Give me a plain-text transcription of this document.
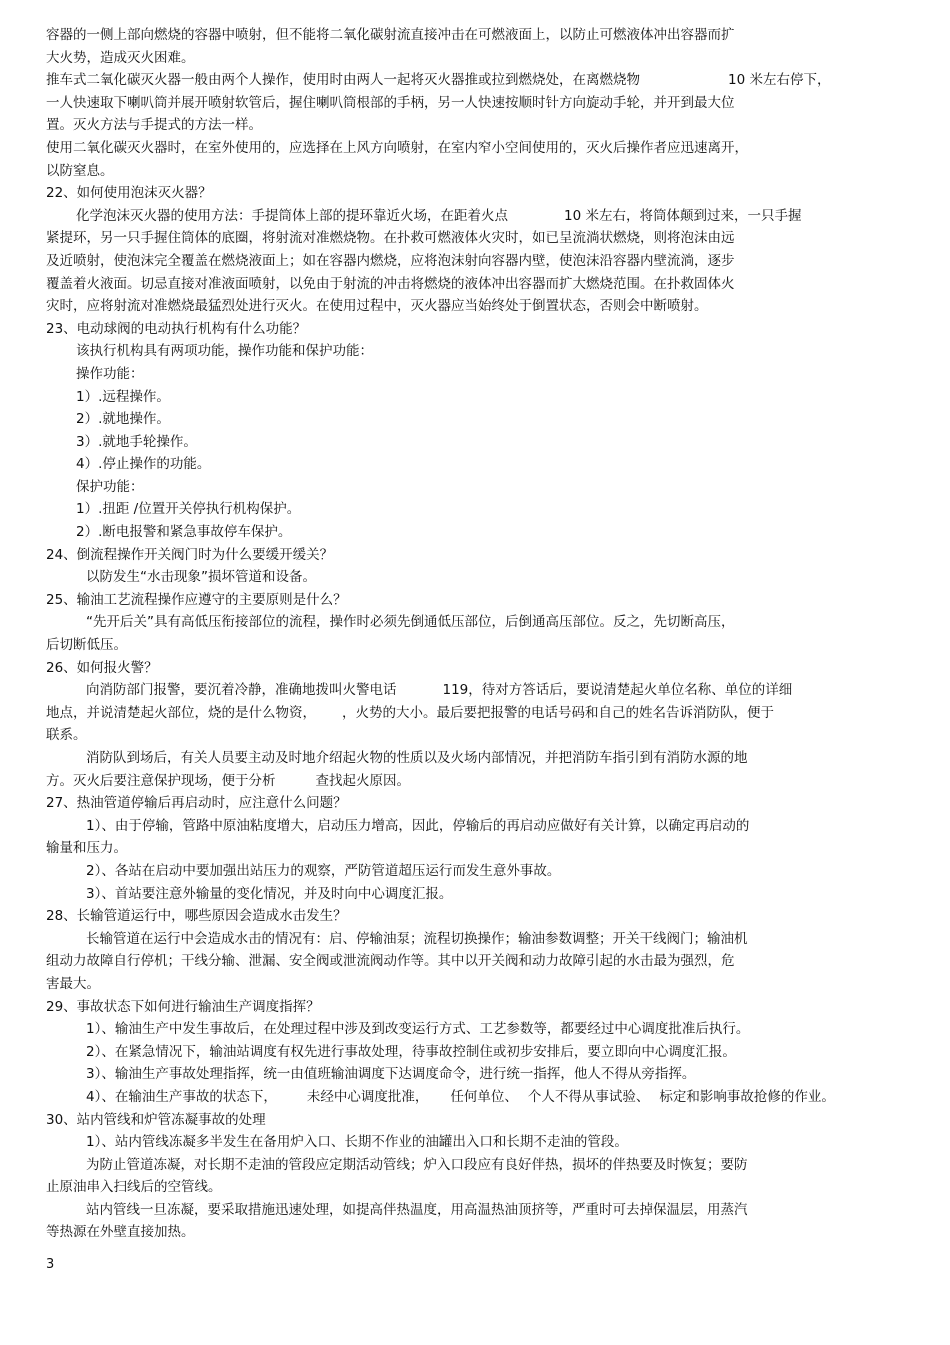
容器的一侧上部向燃烧的容器中喷射，但不能将二氧化碳射流直接冲击在可燃液面上，以防止可燃液体冲出容器而扩
大火势，造成灭火困难。
推车式二氧化碳灭火器一般由两个人操作，使用时由两人一起将灭火器推或拉到燃烧处，在离燃烧物	10 米左右停下，
一人快速取下喇叭筒并展开喷射软管后，握住喇叭筒根部的手柄，另一人快速按顺时针方向旋动手轮，并开到最大位
置。灭火方法与手提式的方法一样。
使用二氧化碳灭火器时，在室外使用的，应选择在上风方向喷射，在室内窄小空间使用的，灭火后操作者应迅速离开，
以防窒息。
22、如何使用泡沫灭火器？
化学泡沫灭火器的使用方法：手提筒体上部的提环靠近火场，在距着火点	10 米左右，将筒体颠到过来，一只手握
紧提环，另一只手握住筒体的底圈，将射流对准燃烧物。在扑救可燃液体火灾时，如已呈流淌状燃烧，则将泡沫由远
及近喷射，使泡沫完全覆盖在燃烧液面上；如在容器内燃烧，应将泡沫射向容器内壁，使泡沫沿容器内壁流淌，逐步
覆盖着火液面。切忌直接对准液面喷射，以免由于射流的冲击将燃烧的液体冲出容器而扩大燃烧范围。在扑救固体火
灾时，应将射流对准燃烧最猛烈处进行灭火。在使用过程中，灭火器应当始终处于倒置状态，否则会中断喷射。
23、电动球阀的电动执行机构有什么功能？
该执行机构具有两项功能，操作功能和保护功能：
操作功能：
1）.远程操作。
2）.就地操作。
3）.就地手轮操作。
4）.停止操作的功能。
保护功能：
1）.扭距 /位置开关停执行机构保护。
2）.断电报警和紧急事故停车保护。
24、倒流程操作开关阀门时为什么要缓开缓关？
以防发生“水击现象”损坏管道和设备。
25、输油工艺流程操作应遵守的主要原则是什么？
“先开后关”具有高低压衔接部位的流程，操作时必须先倒通低压部位，后倒通高压部位。反之，先切断高压，
后切断低压。
26、如何报火警？
向消防部门报警，要沉着冷静，准确地拨叫火警电话	119，待对方答话后，要说清楚起火单位名称、单位的详细
地点，并说清楚起火部位，烧的是什么物资， ，火势的大小。最后要把报警的电话号码和自己的姓名告诉消防队，便于
联系。
消防队到场后，有关人员要主动及时地介绍起火物的性质以及火场内部情况，并把消防车指引到有消防水源的地
方。灭火后要注意保护现场，便于分析	查找起火原因。
27、热油管道停输后再启动时，应注意什么问题？
1）、由于停输，管路中原油粘度增大，启动压力增高，因此，停输后的再启动应做好有关计算，以确定再启动的
输量和压力。
2）、各站在启动中要加强出站压力的观察，严防管道超压运行而发生意外事故。
3）、首站要注意外输量的变化情况，并及时向中心调度汇报。
28、长输管道运行中，哪些原因会造成水击发生？
长输管道在运行中会造成水击的情况有：启、停输油泵；流程切换操作；输油参数调整；开关干线阀门；输油机
组动力故障自行停机；干线分输、泄漏、安全阀或泄流阀动作等。其中以开关阀和动力故障引起的水击最为强烈，危
害最大。
29、事故状态下如何进行输油生产调度指挥？
1）、输油生产中发生事故后，在处理过程中涉及到改变运行方式、工艺参数等，都要经过中心调度批准后执行。
2）、在紧急情况下，输油站调度有权先进行事故处理，待事故控制住或初步安排后，要立即向中心调度汇报。
3）、输油生产事故处理指挥，统一由值班输油调度下达调度命令，进行统一指挥，他人不得从旁指挥。
4）、在输油生产事故的状态下， 未经中心调度批准， 任何单位、 个人不得从事试验、 标定和影响事故抢修的作业。
30、站内管线和炉管冻凝事故的处理
1）、站内管线冻凝多半发生在备用炉入口、长期不作业的油罐出入口和长期不走油的管段。
为防止管道冻凝，对长期不走油的管段应定期活动管线；炉入口段应有良好伴热，损坏的伴热要及时恢复；要防
止原油串入扫线后的空管线。
站内管线一旦冻凝，要采取措施迅速处理，如提高伴热温度，用高温热油顶挤等，严重时可去掉保温层，用蒸汽
等热源在外壁直接加热。
3
